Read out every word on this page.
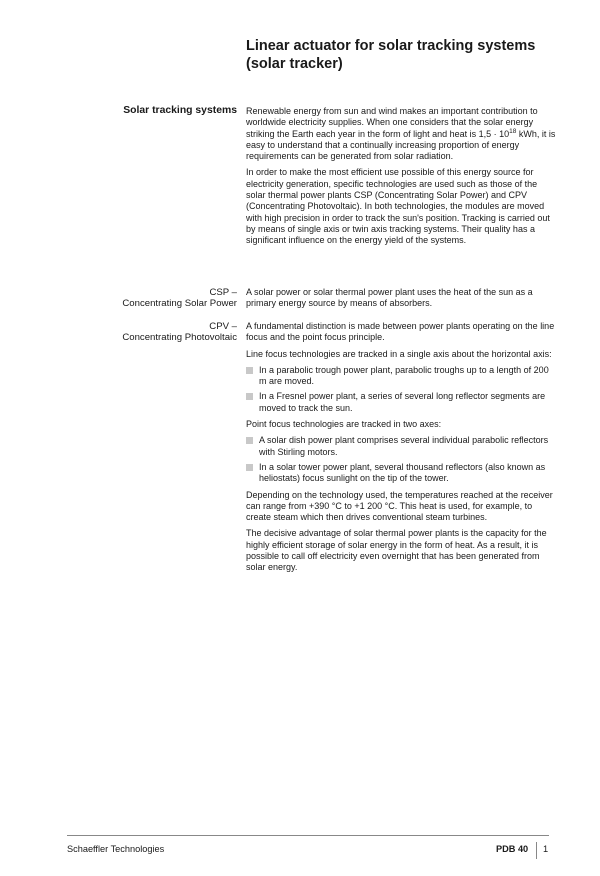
Linear actuator for solar tracking systems
(solar tracker)
Solar tracking systems Renewable energy from sun and wind makes an important contribution to worldwide electricity supplies. When one considers that the solar energy striking the Earth each year in the form of light and heat is $1,5 \cdot 10^{18}$ kWh, it is easy to understand that a continually increasing proportion of energy requirements can be generated from solar radiation.

In order to make the most efficient use possible of this energy source for electricity generation, specific technologies are used such as those of the solar thermal power plants CSP (Concentrating Solar Power) and CPV (Concentrating Photovoltaic). In both technologies, the modules are moved with high precision in order to track the sun's position. Tracking is carried out by means of single axis or twin axis tracking systems. Their quality has a significant influence on the energy yield of the systems.

CSP –
Concentrating Solar Power

A solar power or solar thermal power plant uses the heat of the sun as a primary energy source by means of absorbers.

CPV –
Concentrating Photovoltaic

A fundamental distinction is made between power plants operating on the line focus and the point focus principle.

Line focus technologies are tracked in a single axis about the horizontal axis:

In a parabolic trough power plant, parabolic troughs up to a length of 200 m are moved.
In a Fresnel power plant, a series of several long reflector segments are moved to track the sun.

Point focus technologies are tracked in two axes:

A solar dish power plant comprises several individual parabolic reflectors with Stirling motors.
In a solar tower power plant, several thousand reflectors (also known as heliostats) focus sunlight on the tip of the tower.

Depending on the technology used, the temperatures reached at the receiver can range from +390 °C to +1 200 °C. This heat is used, for example, to create steam which then drives conventional steam turbines.

The decisive advantage of solar thermal power plants is the capacity for the highly efficient storage of solar energy in the form of heat. As a result, it is possible to call off electricity even overnight that has been generated from solar energy.

Schaeffler Technologies	PDB 40 1
